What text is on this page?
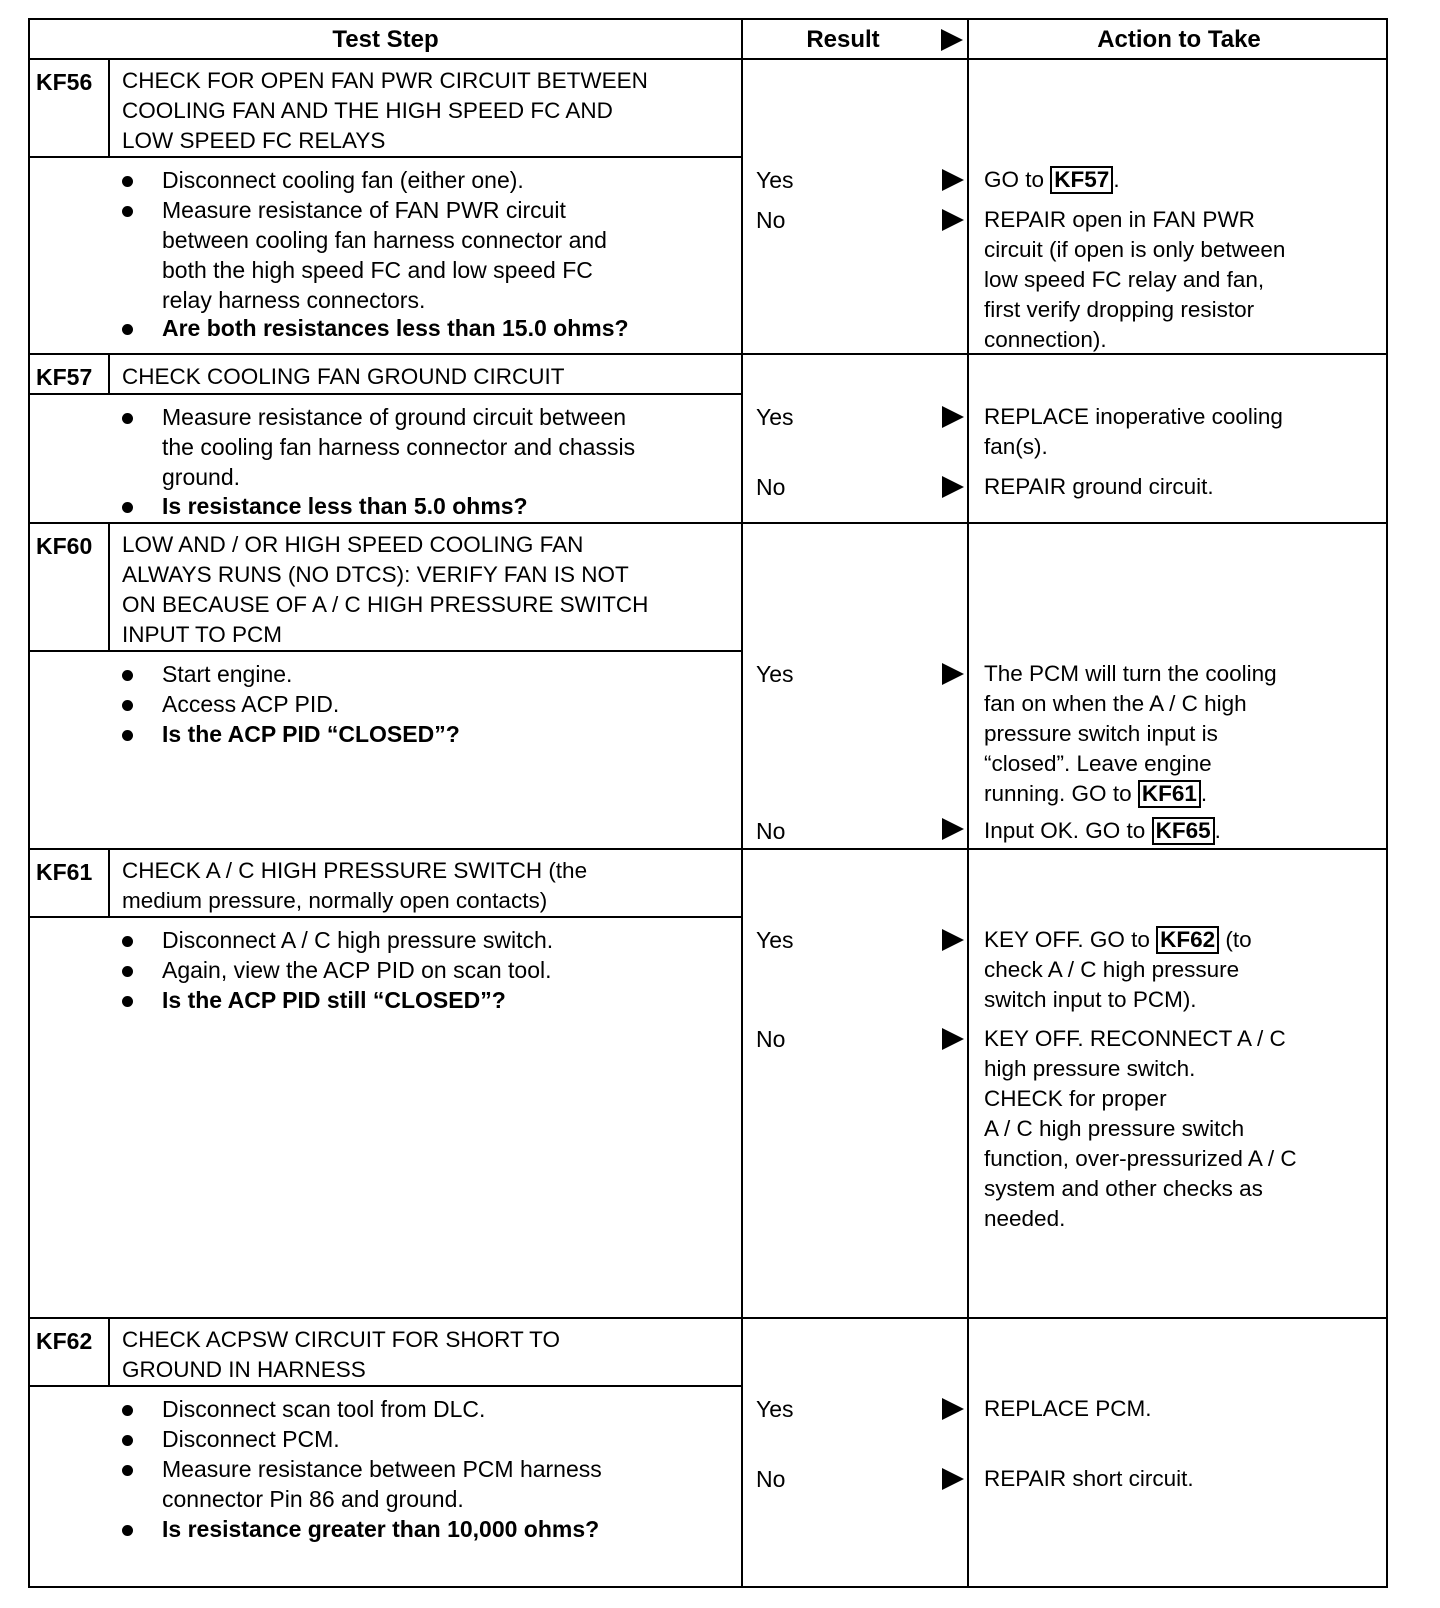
Test Step	Result	Action to Take
KF56 CHECK FOR OPEN FAN PWR CIRCUIT BETWEEN
COOLING FAN AND THE HIGH SPEED FC AND
LOW SPEED FC RELAYS
Disconnect cooling fan (either one).
Measure resistance of FAN PWR circuit
between cooling fan harness connector and
both the high speed FC and low speed FC
relay harness connectors.
Are both resistances less than 15.0 ohms?
Yes	GO to KF57 .
No	REPAIR open in FAN PWR
circuit (if open is only between
low speed FC relay and fan,
first verify dropping resistor
connection).
KF57 CHECK COOLING FAN GROUND CIRCUIT
Measure resistance of ground circuit between
the cooling fan harness connector and chassis
ground.
Is resistance less than 5.0 ohms?
Yes	REPLACE inoperative cooling
fan(s).
No	REPAIR ground circuit.
KF60 LOW AND / OR HIGH SPEED COOLING FAN
ALWAYS RUNS (NO DTCS): VERIFY FAN IS NOT
ON BECAUSE OF A / C HIGH PRESSURE SWITCH
INPUT TO PCM
Start engine.
Access ACP PID.
Is the ACP PID “CLOSED”?
Yes	The PCM will turn the cooling
fan on when the A / C high
pressure switch input is
“closed”. Leave engine
running. GO to KF61 .
No	Input OK. GO to KF65 .
KF61 CHECK A / C HIGH PRESSURE SWITCH (the
medium pressure, normally open contacts)
Disconnect A / C high pressure switch.
Again, view the ACP PID on scan tool.
Is the ACP PID still “CLOSED”?
Yes	KEY OFF. GO to KF62 (to
check A / C high pressure
switch input to PCM).
No	KEY OFF. RECONNECT A / C
high pressure switch.
CHECK for proper
A / C high pressure switch
function, over-pressurized A / C
system and other checks as
needed.
KF62 CHECK ACPSW CIRCUIT FOR SHORT TO
GROUND IN HARNESS
Disconnect scan tool from DLC.
Disconnect PCM.
Measure resistance between PCM harness
connector Pin 86 and ground.
Is resistance greater than 10,000 ohms?
Yes	REPLACE PCM.
No	REPAIR short circuit.
